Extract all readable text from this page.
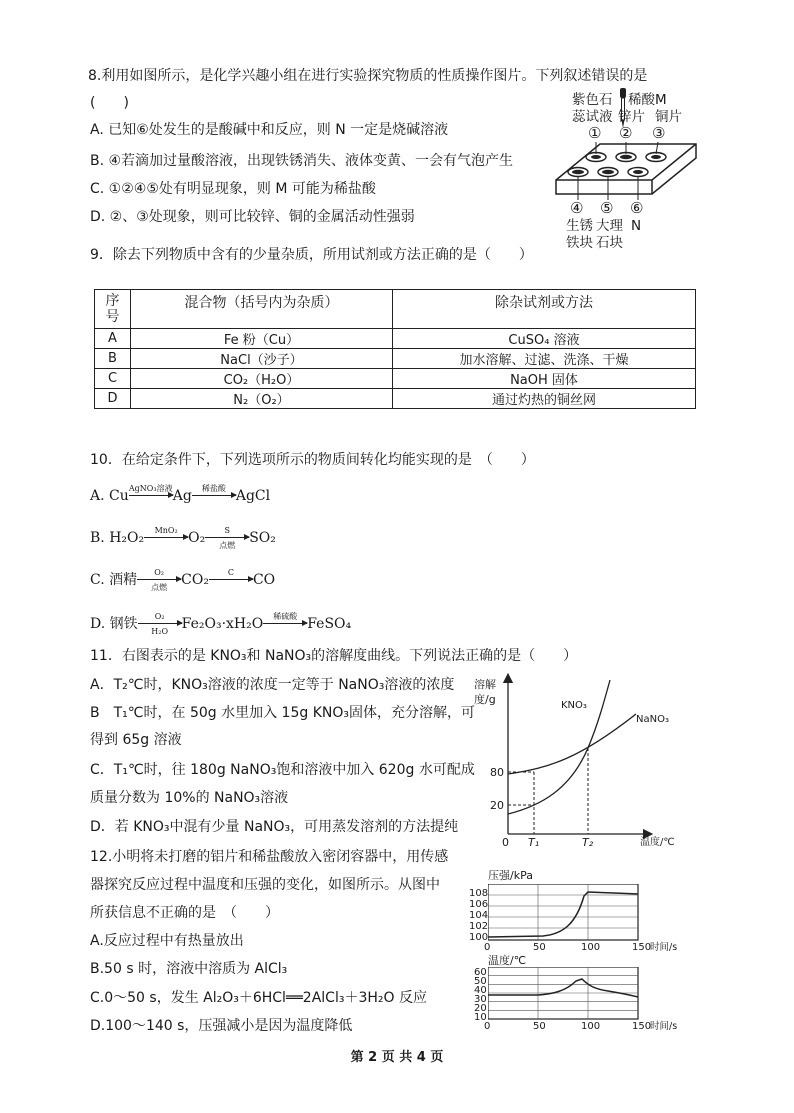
8.利用如图所示，是化学兴趣小组在进行实验探究物质的性质操作图片。下列叙述错误的是
(　　)
A. 已知⑥处发生的是酸碱中和反应，则 N 一定是烧碱溶液
B. ④若滴加过量酸溶液，出现铁锈消失、液体变黄、一会有气泡产生
C. ①②④⑤处有明显现象，则 M 可能为稀盐酸
D. ②、③处现象，则可比较锌、铜的金属活动性强弱
紫色石
蕊试液
稀酸M
锌片 铜片
① ② ③
④ ⑤ ⑥
生锈
铁块
大理
石块
N
9．除去下列物质中含有的少量杂质，所用试剂或方法正确的是（　　）
序号	混合物（括号内为杂质）	除杂试剂或方法
A	Fe 粉（Cu）	CuSO₄ 溶液
B	NaCl（沙子）	加水溶解、过滤、洗涤、干燥
C	CO₂（H₂O）	NaOH 固体
D	N₂（O₂）	通过灼热的铜丝网
10．在给定条件下，下列选项所示的物质间转化均能实现的是　（　　）
A. Cu AgNO₃溶液 Ag	稀盐酸 AgCl
B. H₂O₂	MnO₂ O₂	S
点燃	SO₂
C. 酒精	O₂
点燃	CO₂	C	CO
D. 钢铁 $\frac{\text{O₂}}{\text{H₂O}} Fe_2O_3\cdot xH_2O$	稀硫酸 FeSO₄
11．右图表示的是 KNO₃和 NaNO₃的溶解度曲线。下列说法正确的是（　　）
A．T₂℃时，KNO₃溶液的浓度一定等于 NaNO₃溶液的浓度
B　T₁℃时，在 50g 水里加入 15g KNO₃固体，充分溶解，可
得到 65g 溶液
C．T₁℃时，往 180g NaNO₃饱和溶液中加入 620g 水可配成
质量分数为 10%的 NaNO₃溶液
D．若 KNO₃中混有少量 NaNO₃，可用蒸发溶剂的方法提纯
溶解
度/g
80
20
0 T₁	T₂	温度/℃
KNO₃
NaNO₃
12.小明将未打磨的铝片和稀盐酸放入密闭容器中，用传感
器探究反应过程中温度和压强的变化，如图所示。从图中
所获信息不正确的是　（　　）
A.反应过程中有热量放出
B.50 s 时，溶液中溶质为 AlCl₃
C.0～50 s，发生 Al₂O₃＋6HCl══2AlCl₃＋3H₂O 反应
D.100～140 s，压强减小是因为温度降低
压强/kPa
108
106
104
102
100
0	50	100	150
时间/s
温度/℃
60
50
40
30
20
10
0	50	100	150
时间/s
第 2 页 共 4 页
